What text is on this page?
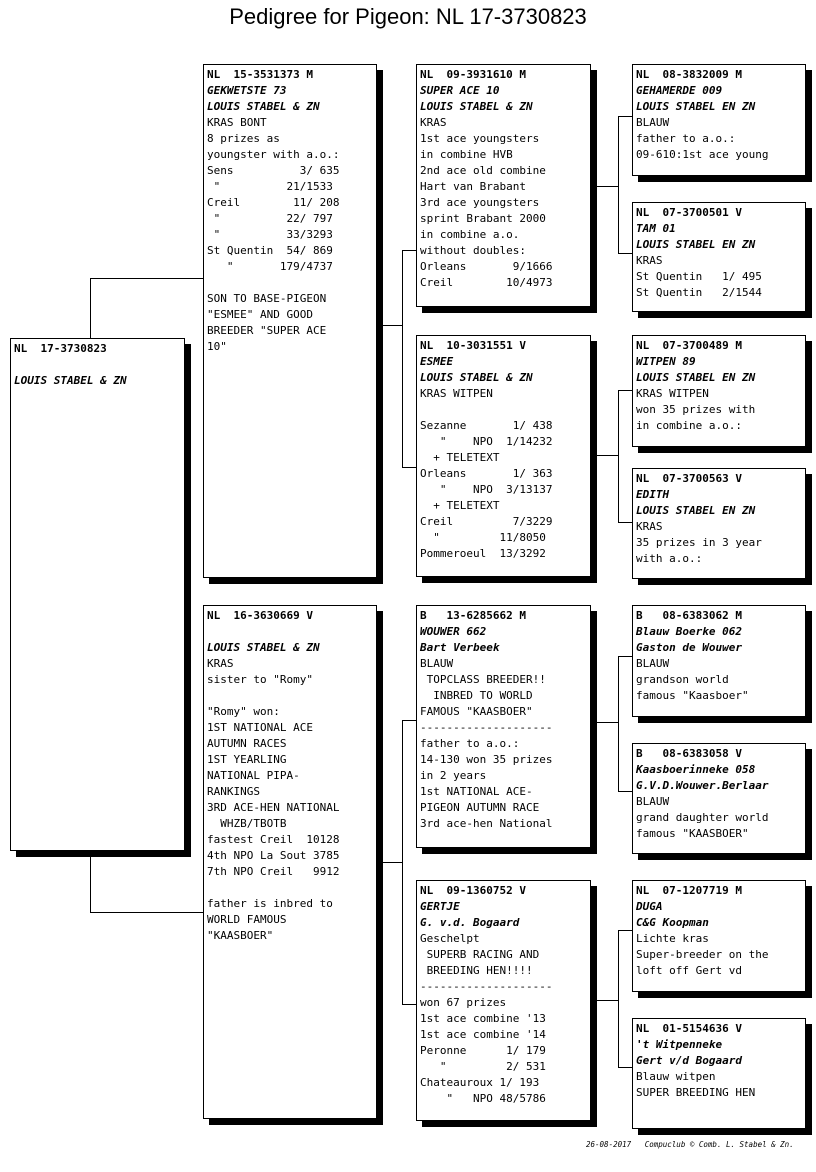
Pedigree for Pigeon: NL 17-3730823
NL  17-3730823

LOUIS STABEL & ZN
NL  15-3531373 M
GEKWETSTE 73
LOUIS STABEL & ZN
KRAS BONT
8 prizes as
youngster with a.o.:
Sens          3/ 635
"          21/1533
Creil        11/ 208
"          22/ 797
"          33/3293
St Quentin  54/ 869
"       179/4737

SON TO BASE-PIGEON
"ESMEE" AND GOOD
BREEDER "SUPER ACE
10"
NL  16-3630669 V

LOUIS STABEL & ZN
KRAS
sister to "Romy"

"Romy" won:
1ST NATIONAL ACE
AUTUMN RACES
1ST YEARLING
NATIONAL PIPA-
RANKINGS
3RD ACE-HEN NATIONAL
WHZB/TBOTB
fastest Creil  10128
4th NPO La Sout 3785
7th NPO Creil   9912

father is inbred to
WORLD FAMOUS
"KAASBOER"
NL  09-3931610 M
SUPER ACE 10
LOUIS STABEL & ZN
KRAS
1st ace youngsters
in combine HVB
2nd ace old combine
Hart van Brabant
3rd ace youngsters
sprint Brabant 2000
in combine a.o.
without doubles:
Orleans       9/1666
Creil        10/4973
NL  10-3031551 V
ESMEE
LOUIS STABEL & ZN
KRAS WITPEN

Sezanne       1/ 438
"    NPO  1/14232
+ TELETEXT
Orleans       1/ 363
"    NPO  3/13137
+ TELETEXT
Creil         7/3229
"         11/8050
Pommeroeul  13/3292
B   13-6285662 M
WOUWER 662
Bart Verbeek
BLAUW
TOPCLASS BREEDER!!
INBRED TO WORLD
FAMOUS "KAASBOER"
--------------------
father to a.o.:
14-130 won 35 prizes
in 2 years
1st NATIONAL ACE-
PIGEON AUTUMN RACE
3rd ace-hen National
NL  09-1360752 V
GERTJE
G. v.d. Bogaard
Geschelpt
SUPERB RACING AND
BREEDING HEN!!!!
--------------------
won 67 prizes
1st ace combine '13
1st ace combine '14
Peronne      1/ 179
"         2/ 531
Chateauroux 1/ 193
"   NPO 48/5786
NL  08-3832009 M
GEHAMERDE 009
LOUIS STABEL EN ZN
BLAUW
father to a.o.:
09-610:1st ace young
NL  07-3700501 V
TAM 01
LOUIS STABEL EN ZN
KRAS
St Quentin   1/ 495
St Quentin   2/1544
NL  07-3700489 M
WITPEN 89
LOUIS STABEL EN ZN
KRAS WITPEN
won 35 prizes with
in combine a.o.:
NL  07-3700563 V
EDITH
LOUIS STABEL EN ZN
KRAS
35 prizes in 3 year
with a.o.:
B   08-6383062 M
Blauw Boerke 062
Gaston de Wouwer
BLAUW
grandson world
famous "Kaasboer"
B   08-6383058 V
Kaasboerinneke 058
G.V.D.Wouwer.Berlaar
BLAUW
grand daughter world
famous "KAASBOER"
NL  07-1207719 M
DUGA
C&G Koopman
Lichte kras
Super-breeder on the
loft off Gert vd
NL  01-5154636 V
't Witpenneke
Gert v/d Bogaard
Blauw witpen
SUPER BREEDING HEN
26-08-2017   Compuclub © Comb. L. Stabel & Zn.
